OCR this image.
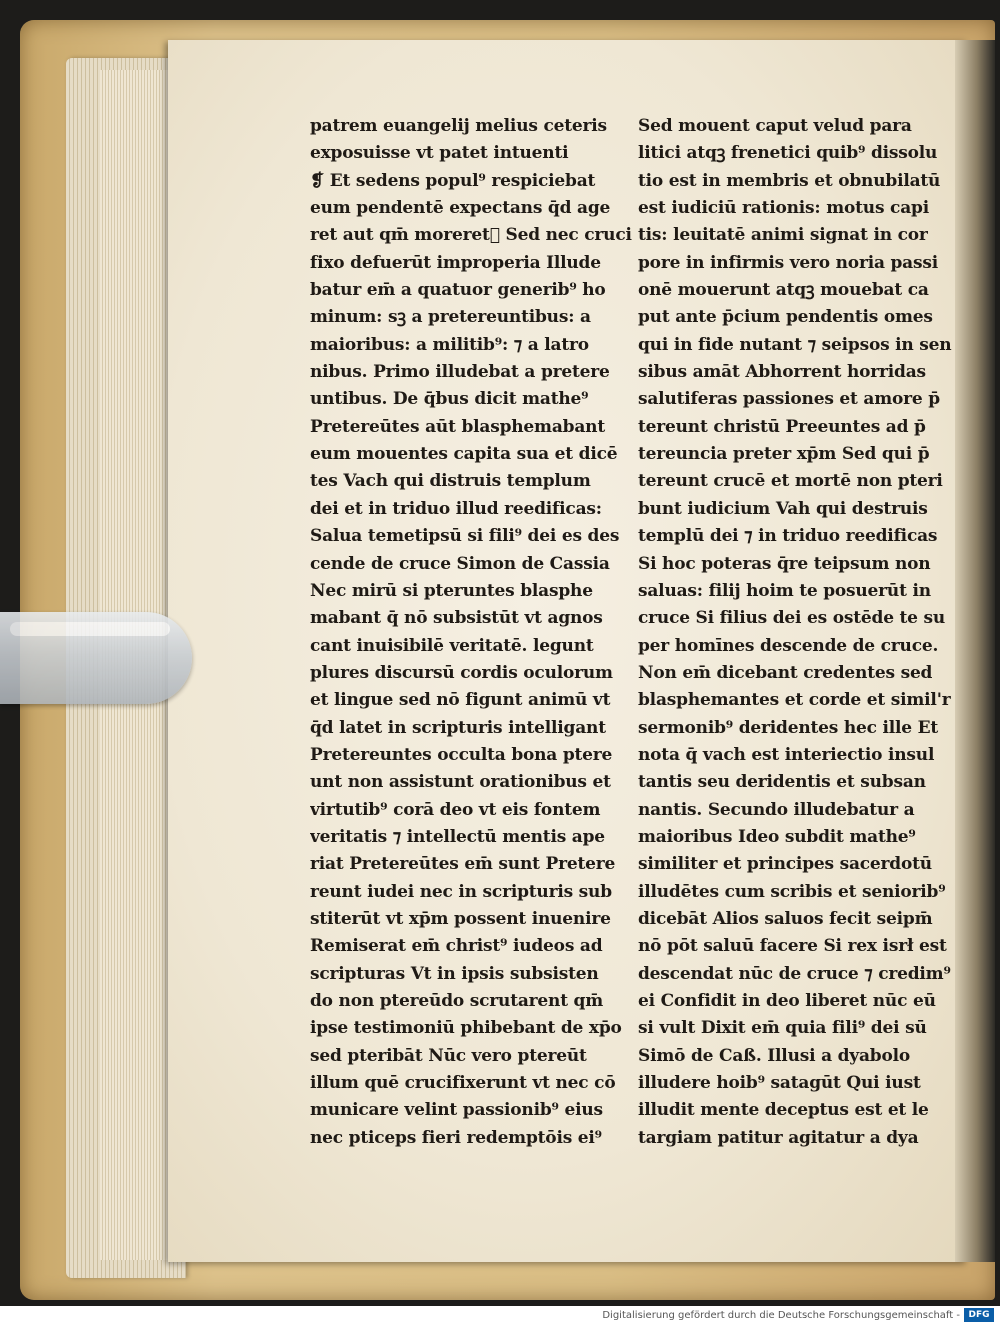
patrem euangelij melius ceteris
exposuisse vt patet intuenti
❡ Et sedens popul⁹ respiciebat
eum pendentē expectans q̄d age
ret aut qm̄ moreretᷓ Sed nec cruci
fixo defuerūt improperia Illude
batur em̄ a quatuor generib⁹ ho
minum: sꝫ a pretereuntibus: a
maioribus: a militib⁹: ⁊ a latro
nibus. Primo illudebat a pretere
untibus. De q̄bus dicit mathe⁹
Pretereūtes aūt blasphemabant
eum mouentes capita sua et dicē
tes Vach qui distruis templum
dei et in triduo illud reedificas:
Salua temetipsū si fili⁹ dei es des
cende de cruce Simon de Cassia
Nec mirū si pteruntes blasphe
mabant q̄ nō subsistūt vt agnos
cant inuisibilē veritatē. legunt
plures discursū cordis oculorum
et lingue sed nō figunt animū vt
q̄d latet in scripturis intelligant
Pretereuntes occulta bona ptere
unt non assistunt orationibus et
virtutib⁹ corā deo vt eis fontem
veritatis ⁊ intellectū mentis ape
riat Pretereūtes em̄ sunt Pretere
reunt iudei nec in scripturis sub
stiterūt vt xp̄m possent inuenire
Remiserat em̄ christ⁹ iudeos ad
scripturas Vt in ipsis subsisten
do non ptereūdo scrutarent qm̄
ipse testimoniū phibebant de xp̄o
sed pteribāt Nūc vero ptereūt
illum quē crucifixerunt vt nec cō
municare velint passionib⁹ eius
nec pticeps fieri redemptōis ei⁹
Sed mouent caput velud para
litici atqꝫ frenetici quib⁹ dissolu
tio est in membris et obnubilatū
est iudiciū rationis: motus capi
tis: leuitatē animi signat in cor
pore in infirmis vero noria passi
onē mouerunt atqꝫ mouebat ca
put ante p̄cium pendentis omes
qui in fide nutant ⁊ seipsos in sen
sibus amāt Abhorrent horridas
salutiferas passiones et amore p̄
tereunt christū Preeuntes ad p̄
tereuncia preter xp̄m Sed qui p̄
tereunt crucē et mortē non pteri
bunt iudicium Vah qui destruis
templū dei ⁊ in triduo reedificas
Si hoc poteras q̄re teipsum non
saluas: filij hoim te posuerūt in
cruce Si filius dei es ostēde te su
per homīnes descende de cruce.
Non em̄ dicebant credentes sed
blasphemantes et corde et simil'r
sermonib⁹ deridentes hec ille Et
nota q̄ vach est interiectio insul
tantis seu deridentis et subsan
nantis. Secundo illudebatur a
maioribus Ideo subdit mathe⁹
similiter et principes sacerdotū
illudētes cum scribis et seniorib⁹
dicebāt Alios saluos fecit seipm̄
nō pōt saluū facere Si rex isrł est
descendat nūc de cruce ⁊ credim⁹
ei Confidit in deo liberet nūc eū
si vult Dixit em̄ quia fili⁹ dei sū
Simō de Caß. Illusi a dyabolo
illudere hoib⁹ satagūt Qui iust
illudit mente deceptus est et le
targiam patitur agitatur a dya
Digitalisierung gefördert durch die Deutsche Forschungsgemeinschaft - DFG
